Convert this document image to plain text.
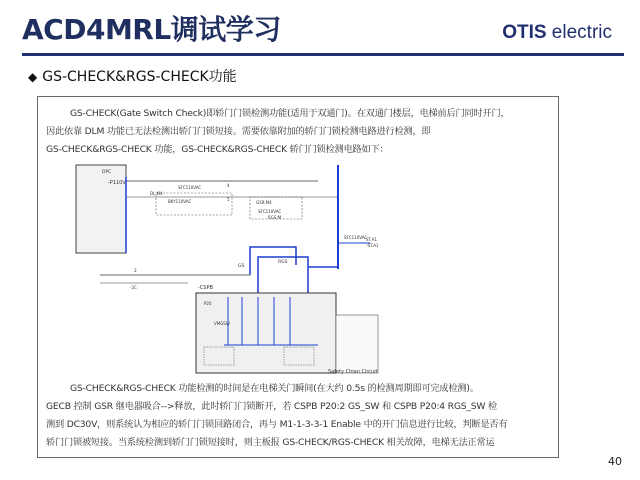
ACD4MRL调试学习	OTIS electric
◆ GS-CHECK&RGS-CHECK功能
GS-CHECK(Gate Switch Check)即轿门门锁检测功能(适用于双通门)。在双通门楼层，电梯前后门同时开门，
因此依靠 DLM 功能已无法检测出轿门门锁短接。需要依靠附加的轿门门锁检测电路进行检测，即
GS-CHECK&RGS-CHECK 功能，GS-CHECK&RGS-CHECK 轿门门锁检测电路如下：
DPC
-P110V
SFC110VAC
DL:M4
BKY110VAC
4
5
GSR:M4
SFC110VAC
RGS:M
SFC110VAC
ST.A1
-ST.A1
3
-2C
GS
RGS
-CSPB
P20
VMGSW
Safety Chian Circuit
GS-CHECK&RGS-CHECK 功能检测的时间是在电梯关门瞬间(在大约 0.5s 的检测周期即可完成检测)。
GECB 控制 GSR 继电器吸合-->释放，此时轿门门锁断开，若 CSPB P20:2 GS_SW 和 CSPB P20:4 RGS_SW 检
测到 DC30V，则系统认为相应的轿门门锁回路闭合，再与 M1-1-3-3-1 Enable 中的开门信息进行比较，判断是否有
轿门门锁被短接。当系统检测到轿门门锁短接时，则主板报 GS-CHECK/RGS-CHECK 相关故障，电梯无法正常运
40
